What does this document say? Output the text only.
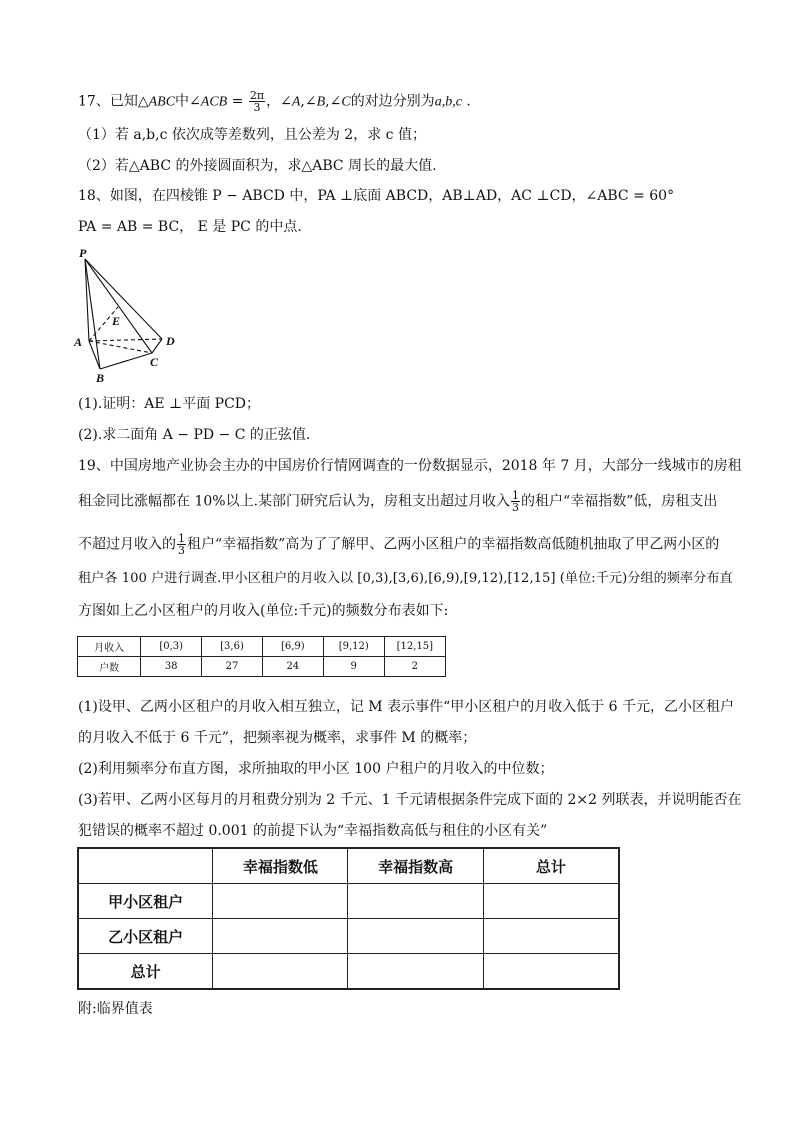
17、已知△ABC中∠ACB = $\frac{2\pi}{3}$ ，∠A,∠B,∠C的对边分别为a,b,c .
（1）若 a,b,c 依次成等差数列，且公差为 2，求 c 值；
（2）若△ABC 的外接圆面积为，求△ABC 周长的最大值.
18、如图，在四棱锥 P − ABCD 中，PA ⊥底面 ABCD，AB⊥AD，AC ⊥CD，∠ABC = 60°
PA = AB = BC， E 是 PC 的中点.
P
E
A	D
C
B
(1).证明：AE ⊥平面 PCD；
(2).求二面角 A − PD − C 的正弦值.
19、中国房地产业协会主办的中国房价行情网调查的一份数据显示，2018 年 7 月，大部分一线城市的房租
租金同比涨幅都在 10%以上.某部门研究后认为，房租支出超过月收入 $\frac{1}{3}$ 的租户“幸福指数”低，房租支出
不超过月收入的 $\frac{1}{3}$ 租户“幸福指数”高为了了解甲、乙两小区租户的幸福指数高低随机抽取了甲乙两小区的
租户各 100 户进行调查.甲小区租户的月收入以 [0,3),[3,6),[6,9),[9,12),[12,15] (单位:千元)分组的频率分布直
方图如上乙小区租户的月收入(单位:千元)的频数分布表如下:
月收入	[0,3)	[3,6)	[6,9)	[9,12)	[12,15]
户数	38	27	24	9	2
(1)设甲、乙两小区租户的月收入相互独立，记 M 表示事件“甲小区租户的月收入低于 6 千元，乙小区租户
的月收入不低于 6 千元”，把频率视为概率，求事件 M 的概率；
(2)利用频率分布直方图，求所抽取的甲小区 100 户租户的月收入的中位数；
(3)若甲、乙两小区每月的月租费分别为 2 千元、1 千元请根据条件完成下面的 2×2 列联表，并说明能否在
犯错误的概率不超过 0.001 的前提下认为“幸福指数高低与租住的小区有关”
	幸福指数低	幸福指数高	总计
甲小区租户			
乙小区租户			
总计			
附:临界值表
